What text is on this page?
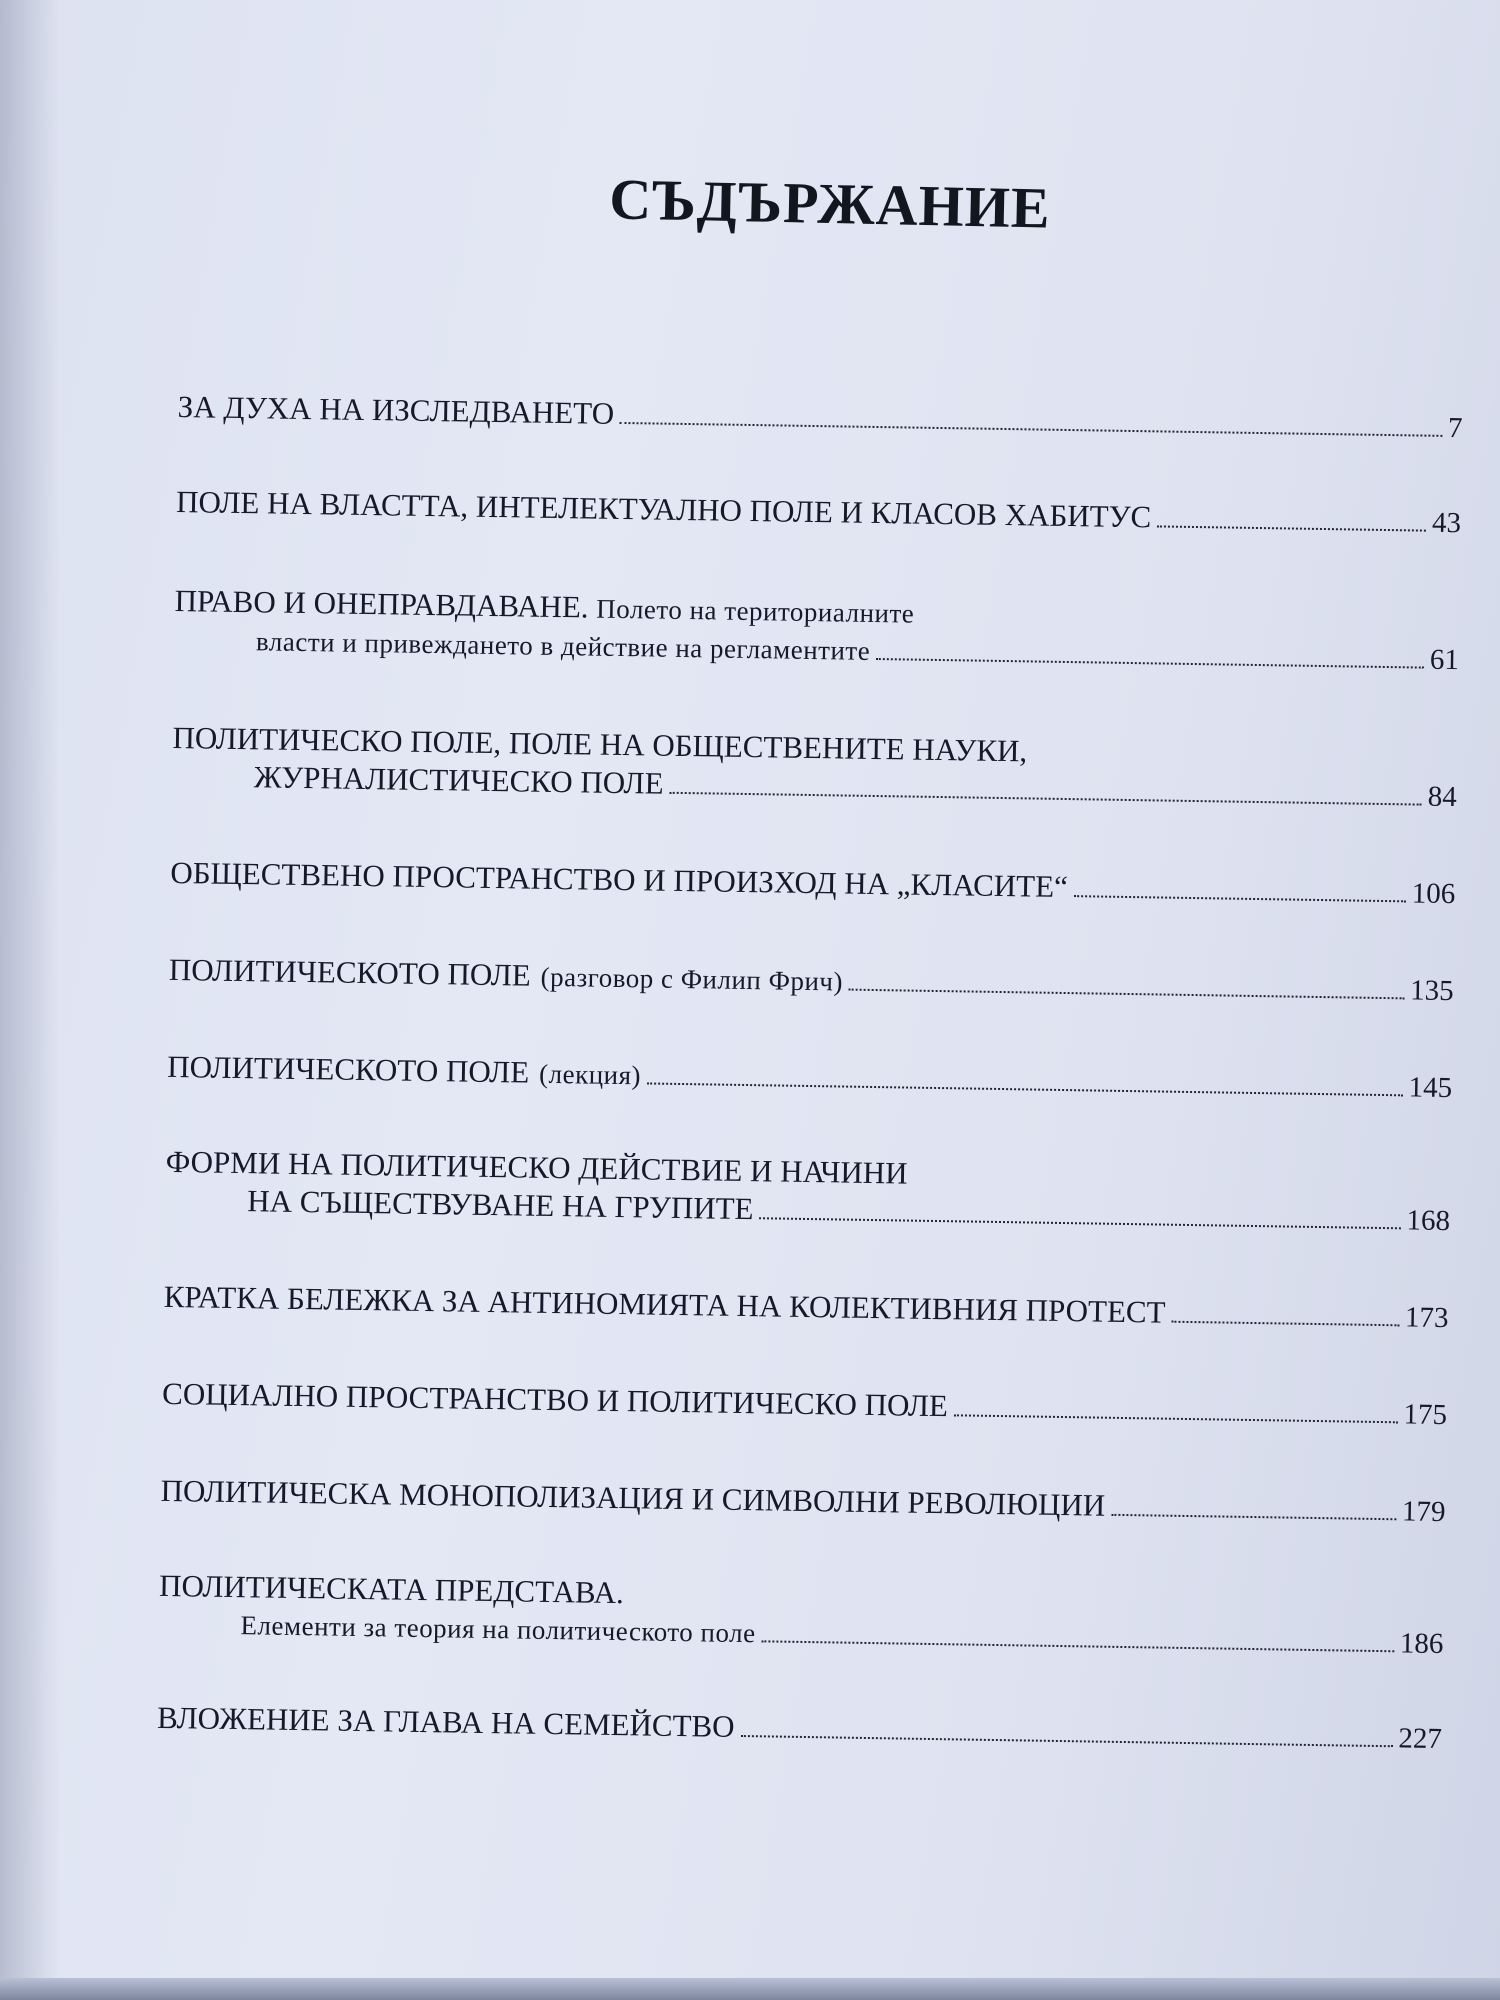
СЪДЪРЖАНИЕ
ЗА ДУХА НА ИЗСЛЕДВАНЕТО	7
ПОЛЕ НА ВЛАСТТА, ИНТЕЛЕКТУАЛНО ПОЛЕ И КЛАСОВ ХАБИТУС	43
ПРАВО И ОНЕПРАВДАВАНЕ. Полето на териториалните
власти и привеждането в действие на регламентите	61
ПОЛИТИЧЕСКО ПОЛЕ, ПОЛЕ НА ОБЩЕСТВЕНИТЕ НАУКИ,
ЖУРНАЛИСТИЧЕСКО ПОЛЕ	84
ОБЩЕСТВЕНО ПРОСТРАНСТВО И ПРОИЗХОД НА „КЛАСИТЕ“	106
ПОЛИТИЧЕСКОТО ПОЛЕ (разговор с Филип Фрич)	135
ПОЛИТИЧЕСКОТО ПОЛЕ (лекция)	145
ФОРМИ НА ПОЛИТИЧЕСКО ДЕЙСТВИЕ И НАЧИНИ
НА СЪЩЕСТВУВАНЕ НА ГРУПИТЕ	168
КРАТКА БЕЛЕЖКА ЗА АНТИНОМИЯТА НА КОЛЕКТИВНИЯ ПРОТЕСТ	173
СОЦИАЛНО ПРОСТРАНСТВО И ПОЛИТИЧЕСКО ПОЛЕ	175
ПОЛИТИЧЕСКА МОНОПОЛИЗАЦИЯ И СИМВОЛНИ РЕВОЛЮЦИИ	179
ПОЛИТИЧЕСКАТА ПРЕДСТАВА.
Елементи за теория на политическото поле	186
ВЛОЖЕНИЕ ЗА ГЛАВА НА СЕМЕЙСТВО	227
